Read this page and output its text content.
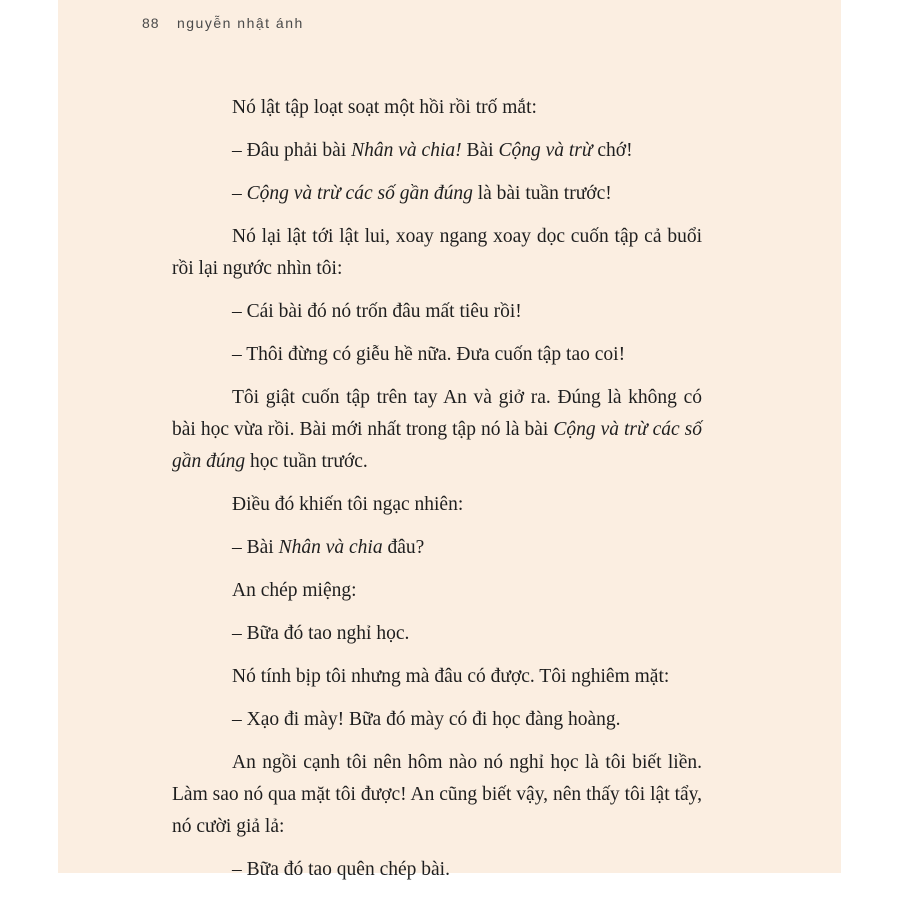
88 nguyễn nhật ánh

Nó lật tập loạt soạt một hồi rồi trố mắt:

– Đâu phải bài Nhân và chia! Bài Cộng và trừ chớ!

– Cộng và trừ các số gần đúng là bài tuần trước!

Nó lại lật tới lật lui, xoay ngang xoay dọc cuốn tập cả buổi rồi lại ngước nhìn tôi:

– Cái bài đó nó trốn đâu mất tiêu rồi!

– Thôi đừng có giễu hề nữa. Đưa cuốn tập tao coi!

Tôi giật cuốn tập trên tay An và giở ra. Đúng là không có bài học vừa rồi. Bài mới nhất trong tập nó là bài Cộng và trừ các số gần đúng học tuần trước.

Điều đó khiến tôi ngạc nhiên:

– Bài Nhân và chia đâu?

An chép miệng:

– Bữa đó tao nghỉ học.

Nó tính bịp tôi nhưng mà đâu có được. Tôi nghiêm mặt:

– Xạo đi mày! Bữa đó mày có đi học đàng hoàng.

An ngồi cạnh tôi nên hôm nào nó nghỉ học là tôi biết liền. Làm sao nó qua mặt tôi được! An cũng biết vậy, nên thấy tôi lật tẩy, nó cười giả lả:

– Bữa đó tao quên chép bài.
